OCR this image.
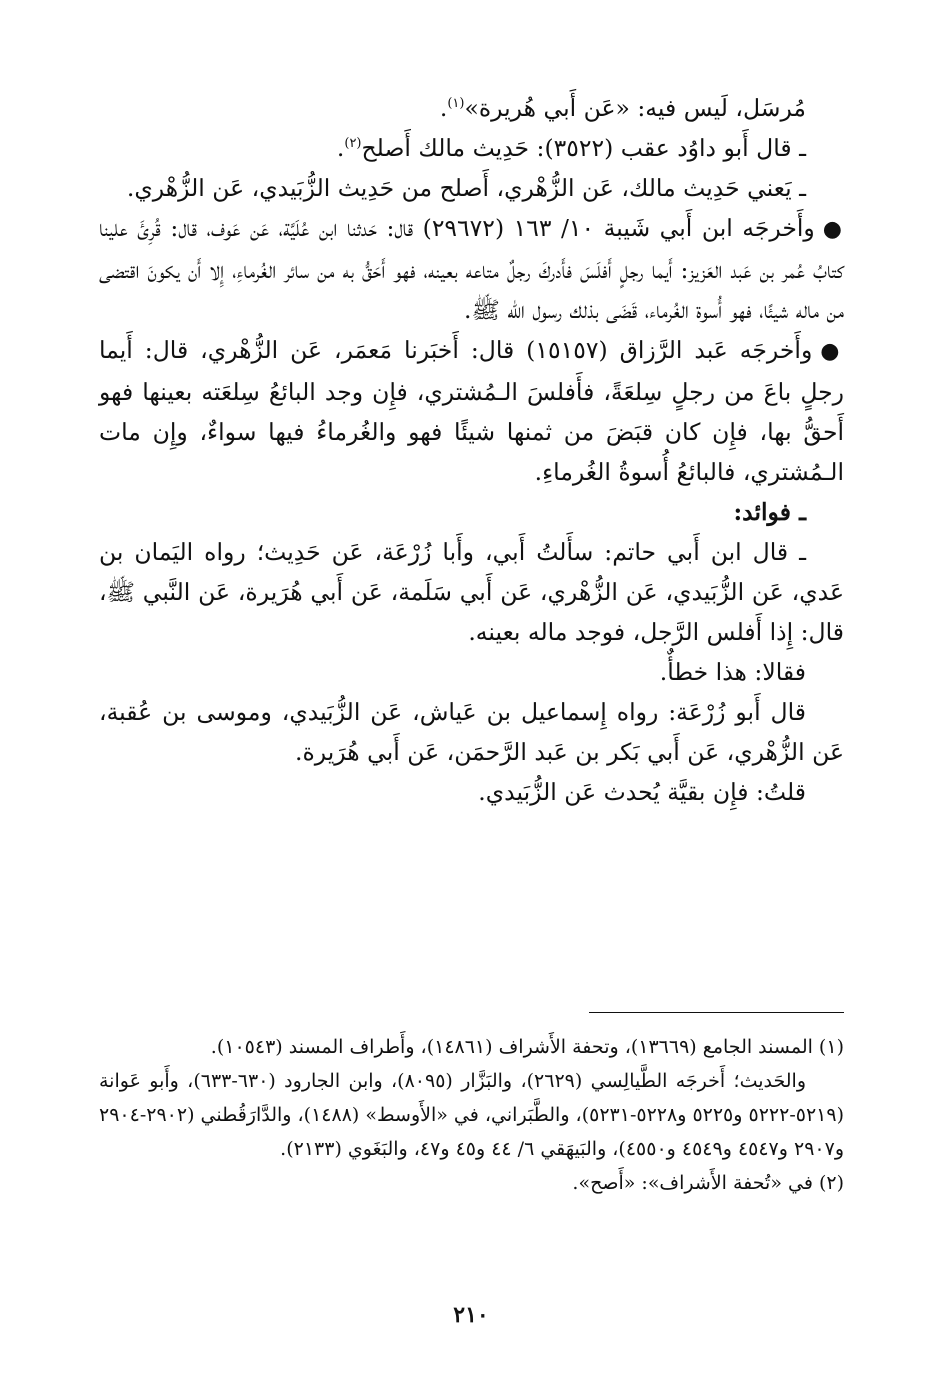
مُرسَل، لَيس فيه: «عَن أَبي هُريرة»$^{(١)}$.

ـ قال أَبو داوُد عقب (٣٥٢٢): حَدِيث مالك أَصلح$^{(٢)}$.

ـ يَعني حَدِيث مالك، عَن الزُّهْري، أَصلح من حَدِيث الزُّبَيدي، عَن الزُّهْري.

●وأَخرجَه ابن أَبي شَيبة ١٠/ ١٦٣ (٢٩٦٧٢) قال: حَدثنا ابن عُلَيَّة، عَن عَوف، قال: قُرِئَ علينا كتابُ عُمر بن عَبد العَزيز: أَيما رجلٍ أَفلَسَ فأَدركَ رجلٌ متاعه بعينه، فهو أَحَقُّ به من سائر الغُرماءِ، إِلا أَن يكونَ اقتضى من ماله شيئًا، فهو أُسوة الغُرماء، قَضَى بذلك رسول الله ﷺ.

●وأَخرجَه عَبد الرَّزاق (١٥١٥٧) قال: أَخبَرنا مَعمَر، عَن الزُّهْري، قال: أَيما رجلٍ باعَ من رجلٍ سِلعَةً، فأَفلسَ الـمُشتري، فإِن وجد البائعُ سِلعَته بعينها فهو أَحقُّ بها، فإِن كان قبَضَ من ثمنها شيئًا فهو والغُرماءُ فيها سواءٌ، وإِن مات الـمُشتري، فالبائعُ أُسوةُ الغُرماءِ.

ـ فوائد:

ـ قال ابن أَبي حاتم: سأَلتُ أَبي، وأَبا زُرْعَة، عَن حَدِيث؛ رواه اليَمان بن عَدي، عَن الزُّبَيدي، عَن الزُّهْري، عَن أَبي سَلَمة، عَن أَبي هُرَيرة، عَن النَّبي ﷺ، قال: إِذا أَفلس الرَّجل، فوجد ماله بعينه.

فقالا: هذا خطأٌ.

قال أَبو زُرْعَة: رواه إِسماعيل بن عَياش، عَن الزُّبَيدي، وموسى بن عُقبة، عَن الزُّهْري، عَن أَبي بَكر بن عَبد الرَّحمَن، عَن أَبي هُرَيرة.

قلتُ: فإِن بقيَّة يُحدث عَن الزُّبَيدي.

(١) المسند الجامع (١٣٦٦٩)، وتحفة الأَشراف (١٤٨٦١)، وأَطراف المسند (١٠٥٤٣).

والحَديث؛ أَخرجَه الطَّيالِسي (٢٦٢٩)، والبَزَّار (٨٠٩٥)، وابن الجارود (٦٣٠-٦٣٣)، وأَبو عَوانة (٥٢١٩-٥٢٢٢ و٥٢٢٥ و٥٢٢٨-٥٢٣١)، والطَّبَراني، في «الأَوسط» (١٤٨٨)، والدَّارَقُطني (٢٩٠٢-٢٩٠٤ و٢٩٠٧ و٤٥٤٧ و٤٥٤٩ و٤٥٥٠)، والبَيهَقي ٦/ ٤٤ و٤٥ و٤٧، والبَغَوي (٢١٣٣).

(٢) في «تُحفة الأَشراف»: «أَصح».

٢١٠
